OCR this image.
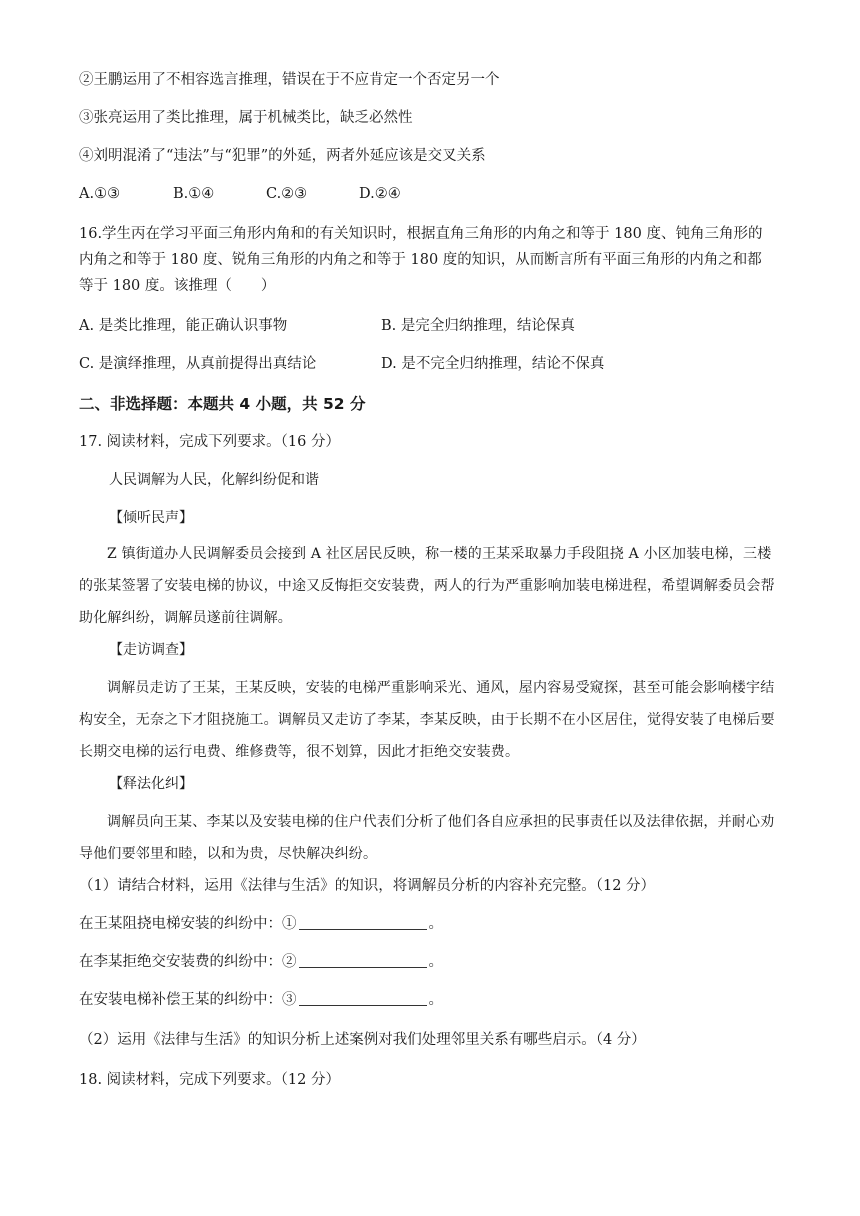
②王鹏运用了不相容选言推理，错误在于不应肯定一个否定另一个
③张亮运用了类比推理，属于机械类比，缺乏必然性
④刘明混淆了“违法”与“犯罪”的外延，两者外延应该是交叉关系
A.①③	B.①④	C.②③	D.②④
16.学生丙在学习平面三角形内角和的有关知识时，根据直角三角形的内角之和等于 180 度、钝角三角形的
内角之和等于 180 度、锐角三角形的内角之和等于 180 度的知识，从而断言所有平面三角形的内角之和都
等于 180 度。该推理（　　）
A. 是类比推理，能正确认识事物	B. 是完全归纳推理，结论保真
C. 是演绎推理，从真前提得出真结论	D. 是不完全归纳推理，结论不保真
二、非选择题：本题共 4 小题，共 52 分
17. 阅读材料，完成下列要求。（16 分）
人民调解为人民，化解纠纷促和谐
【倾听民声】
Z 镇街道办人民调解委员会接到 A 社区居民反映，称一楼的王某采取暴力手段阻挠 A 小区加装电梯，三楼的张某签署了安装电梯的协议，中途又反悔拒交安装费，两人的行为严重影响加装电梯进程，希望调解委员会帮助化解纠纷，调解员遂前往调解。
【走访调查】
调解员走访了王某，王某反映，安装的电梯严重影响采光、通风，屋内容易受窥探，甚至可能会影响楼宇结构安全，无奈之下才阻挠施工。调解员又走访了李某，李某反映，由于长期不在小区居住，觉得安装了电梯后要长期交电梯的运行电费、维修费等，很不划算，因此才拒绝交安装费。
【释法化纠】
调解员向王某、李某以及安装电梯的住户代表们分析了他们各自应承担的民事责任以及法律依据，并耐心劝导他们要邻里和睦，以和为贵，尽快解决纠纷。
（1）请结合材料，运用《法律与生活》的知识，将调解员分析的内容补充完整。（12 分）
在王某阻挠电梯安装的纠纷中：①	。
在李某拒绝交安装费的纠纷中：②	。
在安装电梯补偿王某的纠纷中：③	。
（2）运用《法律与生活》的知识分析上述案例对我们处理邻里关系有哪些启示。（4 分）
18. 阅读材料，完成下列要求。（12 分）
